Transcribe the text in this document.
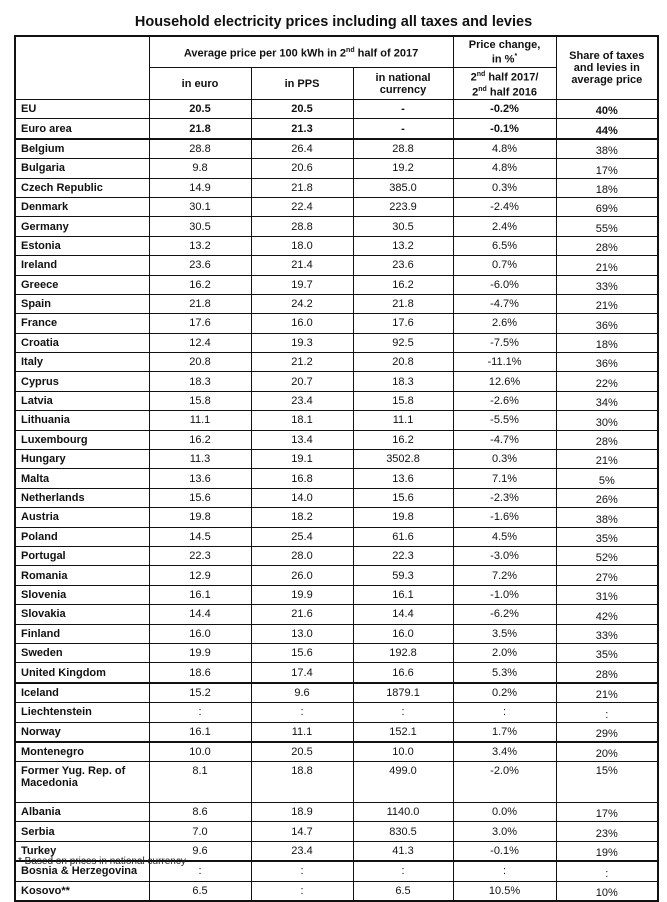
Household electricity prices including all taxes and levies
	Average price per 100 kWh in 2nd half of 2017			Price change,
in %*	Share of taxes and levies in average price
	in euro	in PPS	in national currency	2nd half 2017/
2nd half 2016	
EU	20.5	20.5	-	-0.2%	40%
Euro area	21.8	21.3	-	-0.1%	44%
Belgium	28.8	26.4	28.8	4.8%	38%
Bulgaria	9.8	20.6	19.2	4.8%	17%
Czech Republic	14.9	21.8	385.0	0.3%	18%
Denmark	30.1	22.4	223.9	-2.4%	69%
Germany	30.5	28.8	30.5	2.4%	55%
Estonia	13.2	18.0	13.2	6.5%	28%
Ireland	23.6	21.4	23.6	0.7%	21%
Greece	16.2	19.7	16.2	-6.0%	33%
Spain	21.8	24.2	21.8	-4.7%	21%
France	17.6	16.0	17.6	2.6%	36%
Croatia	12.4	19.3	92.5	-7.5%	18%
Italy	20.8	21.2	20.8	-11.1%	36%
Cyprus	18.3	20.7	18.3	12.6%	22%
Latvia	15.8	23.4	15.8	-2.6%	34%
Lithuania	11.1	18.1	11.1	-5.5%	30%
Luxembourg	16.2	13.4	16.2	-4.7%	28%
Hungary	11.3	19.1	3502.8	0.3%	21%
Malta	13.6	16.8	13.6	7.1%	5%
Netherlands	15.6	14.0	15.6	-2.3%	26%
Austria	19.8	18.2	19.8	-1.6%	38%
Poland	14.5	25.4	61.6	4.5%	35%
Portugal	22.3	28.0	22.3	-3.0%	52%
Romania	12.9	26.0	59.3	7.2%	27%
Slovenia	16.1	19.9	16.1	-1.0%	31%
Slovakia	14.4	21.6	14.4	-6.2%	42%
Finland	16.0	13.0	16.0	3.5%	33%
Sweden	19.9	15.6	192.8	2.0%	35%
United Kingdom	18.6	17.4	16.6	5.3%	28%
Iceland	15.2	9.6	1879.1	0.2%	21%
Liechtenstein	:	:	:	:	:
Norway	16.1	11.1	152.1	1.7%	29%
Montenegro	10.0	20.5	10.0	3.4%	20%
Former Yug. Rep. of Macedonia	8.1	18.8	499.0	-2.0%	15%
Albania	8.6	18.9	1140.0	0.0%	17%
Serbia	7.0	14.7	830.5	3.0%	23%
Turkey	9.6	23.4	41.3	-0.1%	19%
Bosnia & Herzegovina	:	:	:	:	:
Kosovo**	6.5	:	6.5	10.5%	10%
* Based on prices in national currency
